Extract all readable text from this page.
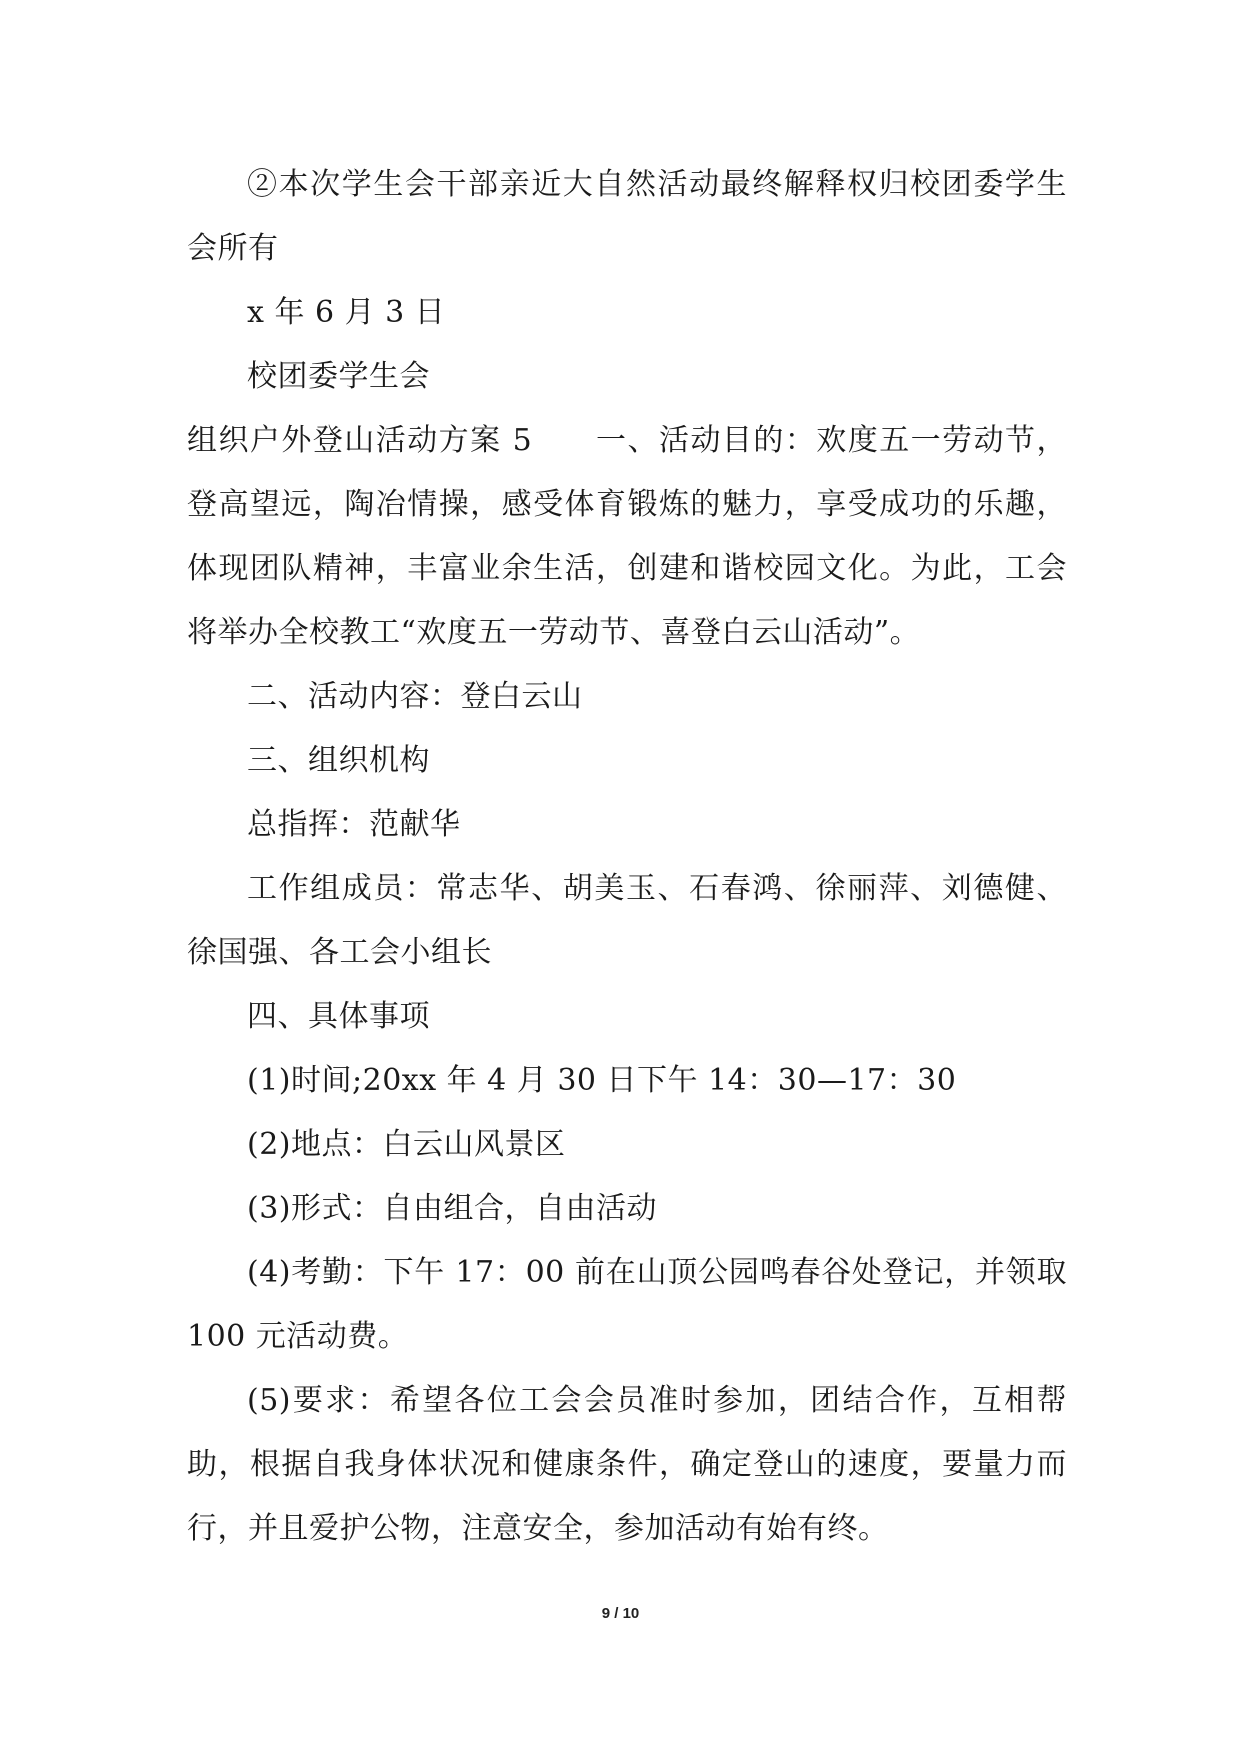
②本次学生会干部亲近大自然活动最终解释权归校团委学生会所有

x 年 6 月 3 日

校团委学生会

组织户外登山活动方案 5　　一、活动目的：欢度五一劳动节，登高望远，陶冶情操，感受体育锻炼的魅力，享受成功的乐趣，体现团队精神，丰富业余生活，创建和谐校园文化。为此，工会将举办全校教工“欢度五一劳动节、喜登白云山活动”。

二、活动内容：登白云山

三、组织机构

总指挥：范献华

工作组成员：常志华、胡美玉、石春鸿、徐丽萍、刘德健、徐国强、各工会小组长

四、具体事项

(1)时间;20xx 年 4 月 30 日下午 14：30—17：30

(2)地点：白云山风景区

(3)形式：自由组合，自由活动

(4)考勤：下午 17：00 前在山顶公园鸣春谷处登记，并领取 100 元活动费。

(5)要求：希望各位工会会员准时参加，团结合作，互相帮助，根据自我身体状况和健康条件，确定登山的速度，要量力而行，并且爱护公物，注意安全，参加活动有始有终。

9 / 10
